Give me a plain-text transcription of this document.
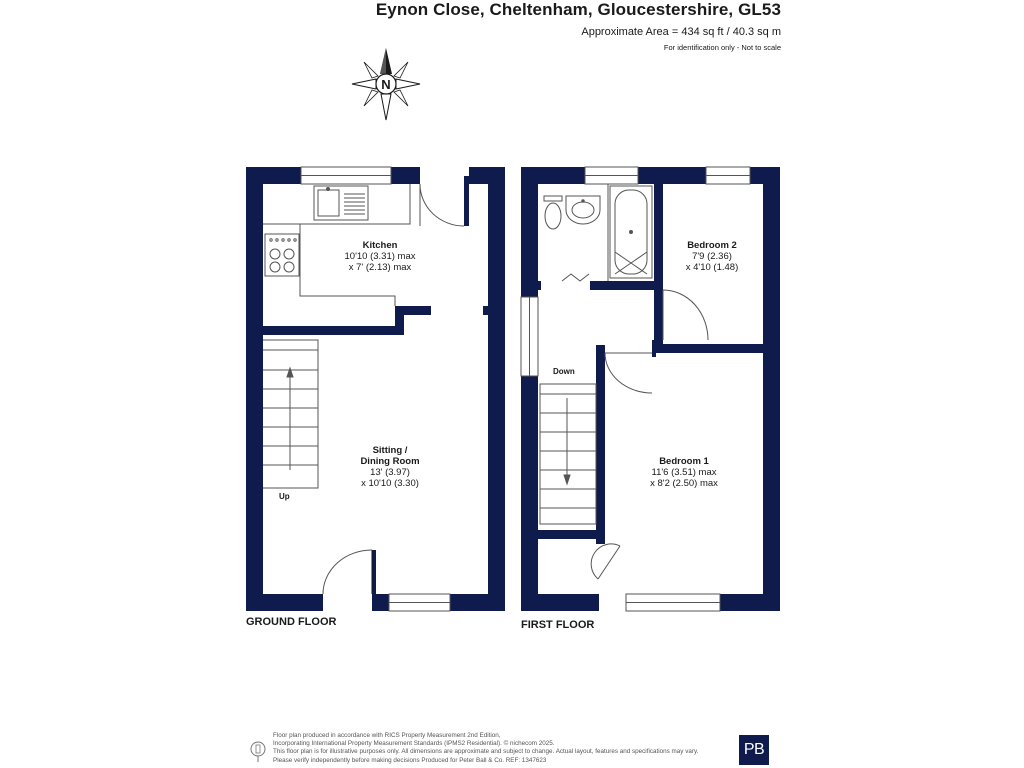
Eynon Close, Cheltenham, Gloucestershire, GL53
Approximate Area = 434 sq ft / 40.3 sq m
For identification only - Not to scale
N
Kitchen
10'10 (3.31) max
x 7' (2.13) max
Sitting /
Dining Room
13' (3.97)
x 10'10 (3.30)
Bedroom 2
7'9 (2.36)
x 4'10 (1.48)
Bedroom 1
11'6 (3.51) max
x 8'2 (2.50) max
Up
Down
GROUND FLOOR	FIRST FLOOR
Floor plan produced in accordance with RICS Property Measurement 2nd Edition,
Incorporating International Property Measurement Standards (IPMS2 Residential). © nichecom 2025.
This floor plan is for illustrative purposes only. All dimensions are approximate and subject to change. Actual layout, features and specifications may vary.
Please verify independently before making decisions Produced for Peter Ball & Co. REF: 1347623
PB
